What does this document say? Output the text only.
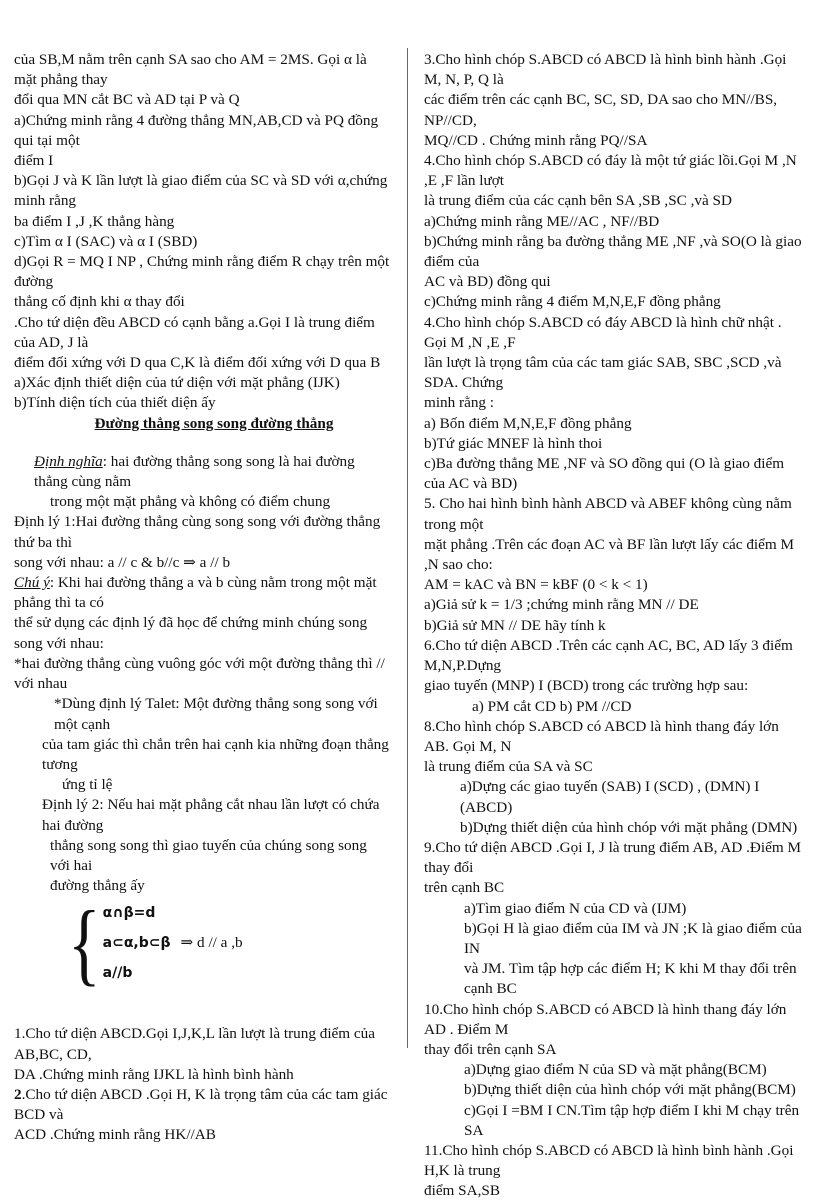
của SB,M nằm trên cạnh SA sao cho AM = 2MS. Gọi α là mặt phẳng thay

đổi qua MN cắt BC và AD tại P và Q

a)Chứng minh rằng 4 đường thẳng MN,AB,CD và PQ đồng qui tại một

điểm I

b)Gọi J và K lần lượt là giao điểm của SC và SD với α,chứng minh rằng

ba điểm I ,J ,K thẳng hàng

c)Tìm α I (SAC) và α I (SBD)

d)Gọi R = MQ I NP , Chứng minh rằng điểm R chạy trên một đường

thẳng cố định khi α thay đổi

.Cho tứ diện đều ABCD có cạnh bằng a.Gọi I là trung điểm của AD, J là

điểm đối xứng với D qua C,K là điểm đối xứng với D qua B

a)Xác định thiết diện của tứ diện với mặt phẳng (IJK)

b)Tính diện tích của thiết diện ấy

Đường thẳng song song đường thẳng

Định nghĩa: hai đường thẳng song song là hai đường thẳng cùng nằm

trong một mặt phẳng và không có điểm chung

Định lý 1:Hai đường thẳng cùng song song với đường thẳng thứ ba thì

song với nhau: a // c & b//c ⇒ a // b

Chú ý: Khi hai đường thẳng a và b cùng nằm trong một mặt phẳng thì ta có

thể sử dụng các định lý đã học để chứng minh chúng song song với nhau:

*hai đường thẳng cùng vuông góc với một đường thẳng thì // với nhau

*Dùng định lý Talet: Một đường thẳng song song với một cạnh

của tam giác thì chắn trên hai cạnh kia những đoạn thẳng tương

ứng tỉ lệ

Định lý 2: Nếu hai mặt phẳng cắt nhau lần lượt có chứa hai đường

thẳng song song thì giao tuyến của chúng song song với hai

đường thẳng ấy

{ α∩β=d
a⊂α,b⊂β
a//b
⇒ d // a ,b

1.Cho tứ diện ABCD.Gọi I,J,K,L lần lượt là trung điểm của AB,BC, CD,

DA .Chứng minh rằng IJKL là hình bình hành

2.Cho tứ diện ABCD .Gọi H, K là trọng tâm của các tam giác BCD và

ACD .Chứng minh rằng HK//AB

3.Cho hình chóp S.ABCD có ABCD là hình bình hành .Gọi M, N, P, Q là

các điểm trên các cạnh BC, SC, SD, DA sao cho MN//BS, NP//CD,

MQ//CD . Chứng minh rằng PQ//SA

4.Cho hình chóp S.ABCD có đáy là một tứ giác lồi.Gọi M ,N ,E ,F lần lượt

là trung điểm của các cạnh bên SA ,SB ,SC ,và SD

a)Chứng minh rằng ME//AC , NF//BD

b)Chứng minh rằng ba đường thẳng ME ,NF ,và SO(O là giao điểm của

AC và BD) đồng qui

c)Chứng minh rằng 4 điểm M,N,E,F đồng phẳng

4.Cho hình chóp S.ABCD có đáy ABCD là hình chữ nhật . Gọi M ,N ,E ,F

lần lượt là trọng tâm của các tam giác SAB, SBC ,SCD ,và SDA. Chứng

minh rằng :

a) Bốn điểm M,N,E,F đồng phẳng

b)Tứ giác MNEF là hình thoi

c)Ba đường thẳng ME ,NF và SO đồng qui (O là giao điểm của AC và BD)

5. Cho hai hình bình hành ABCD và ABEF không cùng nằm trong một

mặt phẳng .Trên các đoạn AC và BF lần lượt lấy các điểm M ,N sao cho:

AM = kAC và BN = kBF (0 < k < 1)

a)Giả sử k = 1/3 ;chứng minh rằng MN // DE

b)Giả sử MN // DE hãy tính k

6.Cho tứ diện ABCD .Trên các cạnh AC, BC, AD lấy 3 điểm M,N,P.Dựng

giao tuyến (MNP) I (BCD) trong các trường hợp sau:

a) PM cắt CD b) PM //CD

8.Cho hình chóp S.ABCD có ABCD là hình thang đáy lớn AB. Gọi M, N

là trung điểm của SA và SC

a)Dựng các giao tuyến (SAB) I (SCD) , (DMN) I (ABCD)

b)Dựng thiết diện của hình chóp với mặt phẳng (DMN)

9.Cho tứ diện ABCD .Gọi I, J là trung điểm AB, AD .Điểm M thay đổi

trên cạnh BC

a)Tìm giao điểm N của CD và (IJM)

b)Gọi H là giao điểm của IM và JN ;K là giao điểm của IN

và JM. Tìm tập hợp các điểm H; K khi M thay đổi trên cạnh BC

10.Cho hình chóp S.ABCD có ABCD là hình thang đáy lớn AD . Điểm M

thay đổi trên cạnh SA

a)Dựng giao điểm N của SD và mặt phẳng(BCM)

b)Dựng thiết diện của hình chóp với mặt phẳng(BCM)

c)Gọi I =BM I CN.Tìm tập hợp điểm I khi M chạy trên SA

11.Cho hình chóp S.ABCD có ABCD là hình bình hành .Gọi H,K là trung

điểm SA,SB
